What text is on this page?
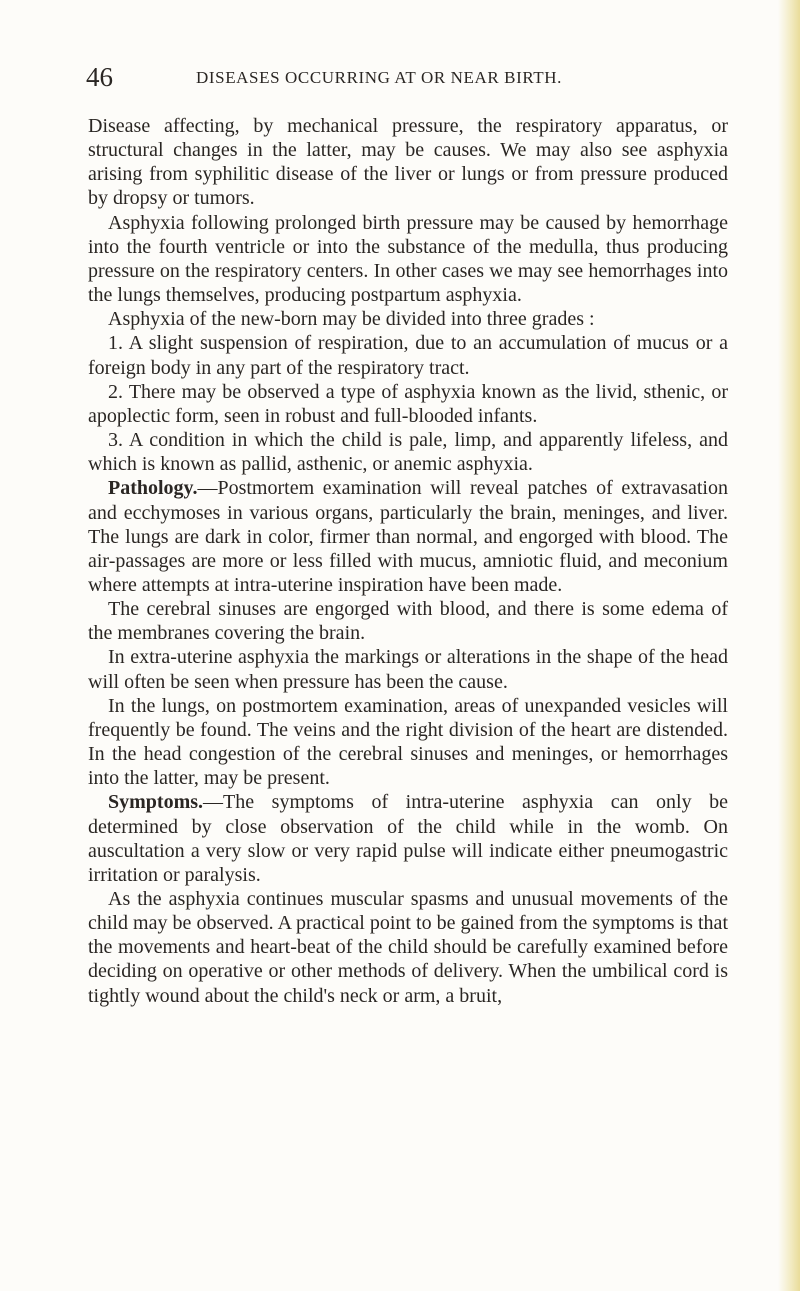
46	DISEASES OCCURRING AT OR NEAR BIRTH.

Disease affecting, by mechanical pressure, the respiratory apparatus, or structural changes in the latter, may be causes. We may also see asphyxia arising from syphilitic disease of the liver or lungs or from pressure produced by dropsy or tumors.

Asphyxia following prolonged birth pressure may be caused by hemorrhage into the fourth ventricle or into the substance of the medulla, thus producing pressure on the respiratory centers. In other cases we may see hemorrhages into the lungs themselves, producing postpartum asphyxia.

Asphyxia of the new-born may be divided into three grades :

1. A slight suspension of respiration, due to an accumulation of mucus or a foreign body in any part of the respiratory tract.

2. There may be observed a type of asphyxia known as the livid, sthenic, or apoplectic form, seen in robust and full-blooded infants.

3. A condition in which the child is pale, limp, and apparently lifeless, and which is known as pallid, asthenic, or anemic asphyxia.

Pathology.—Postmortem examination will reveal patches of extravasation and ecchymoses in various organs, particularly the brain, meninges, and liver. The lungs are dark in color, firmer than normal, and engorged with blood. The air-passages are more or less filled with mucus, amniotic fluid, and meconium where attempts at intra-uterine inspiration have been made.

The cerebral sinuses are engorged with blood, and there is some edema of the membranes covering the brain.

In extra-uterine asphyxia the markings or alterations in the shape of the head will often be seen when pressure has been the cause.

In the lungs, on postmortem examination, areas of unexpanded vesicles will frequently be found. The veins and the right division of the heart are distended. In the head congestion of the cerebral sinuses and meninges, or hemorrhages into the latter, may be present.

Symptoms.—The symptoms of intra-uterine asphyxia can only be determined by close observation of the child while in the womb. On auscultation a very slow or very rapid pulse will indicate either pneumogastric irritation or paralysis.

As the asphyxia continues muscular spasms and unusual movements of the child may be observed. A practical point to be gained from the symptoms is that the movements and heart-beat of the child should be carefully examined before deciding on operative or other methods of delivery. When the umbilical cord is tightly wound about the child's neck or arm, a bruit,
